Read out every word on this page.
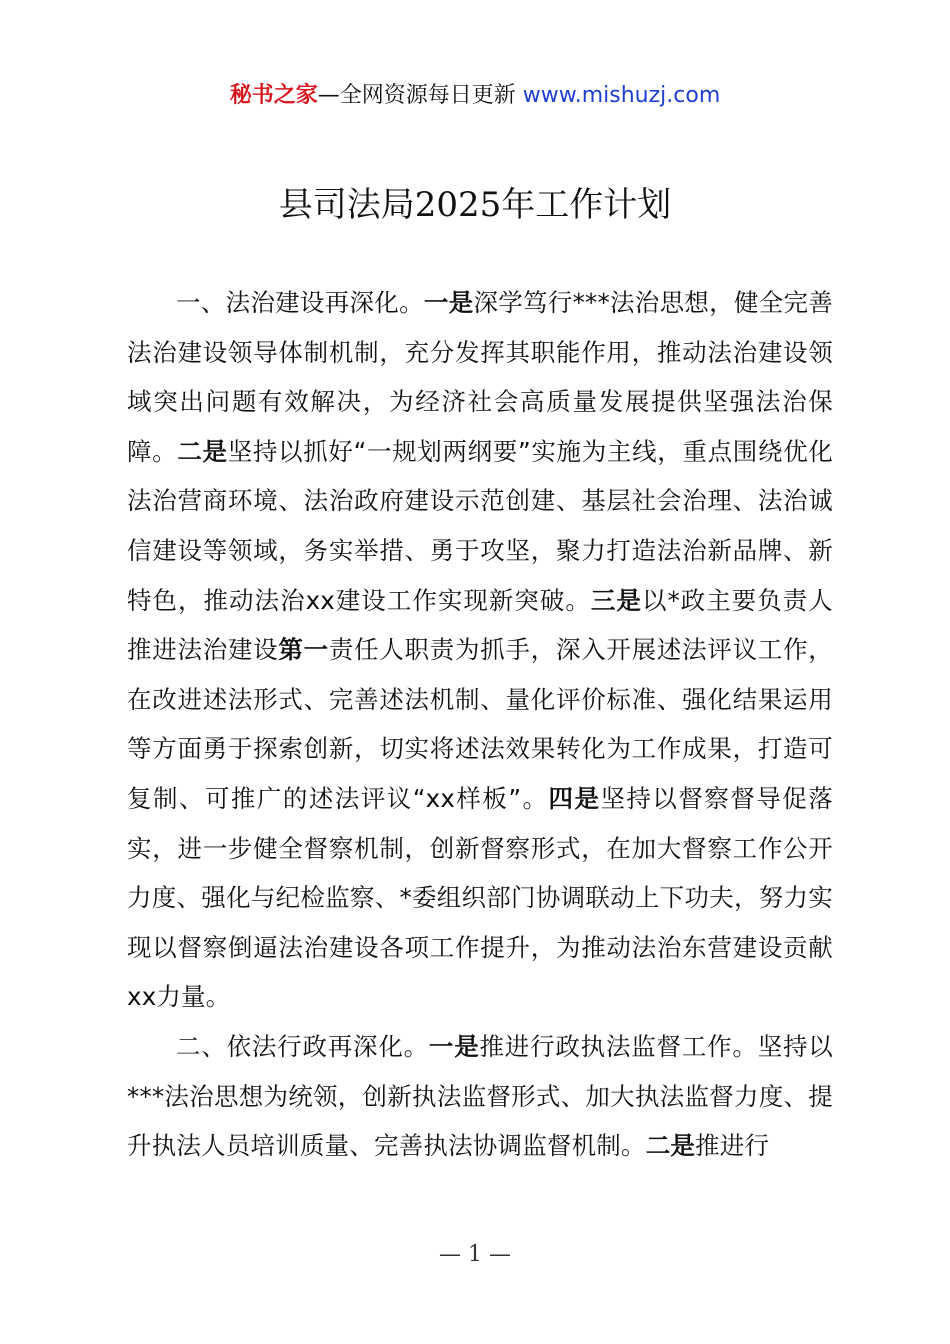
秘书之家—全网资源每日更新 www.mishuzj.com
县司法局2025年工作计划

一、法治建设再深化。一是深学笃行***法治思想，健全完善法治建设领导体制机制，充分发挥其职能作用，推动法治建设领域突出问题有效解决，为经济社会高质量发展提供坚强法治保障。二是坚持以抓好“一规划两纲要”实施为主线，重点围绕优化法治营商环境、法治政府建设示范创建、基层社会治理、法治诚信建设等领域，务实举措、勇于攻坚，聚力打造法治新品牌、新特色，推动法治xx建设工作实现新突破。三是以*政主要负责人推进法治建设第一责任人职责为抓手，深入开展述法评议工作，在改进述法形式、完善述法机制、量化评价标准、强化结果运用等方面勇于探索创新，切实将述法效果转化为工作成果，打造可复制、可推广的述法评议“xx样板”。四是坚持以督察督导促落实，进一步健全督察机制，创新督察形式，在加大督察工作公开力度、强化与纪检监察、*委组织部门协调联动上下功夫，努力实现以督察倒逼法治建设各项工作提升，为推动法治东营建设贡献xx力量。

二、依法行政再深化。一是推进行政执法监督工作。坚持以***法治思想为统领，创新执法监督形式、加大执法监督力度、提升执法人员培训质量、完善执法协调监督机制。二是推进行

— 1 —
